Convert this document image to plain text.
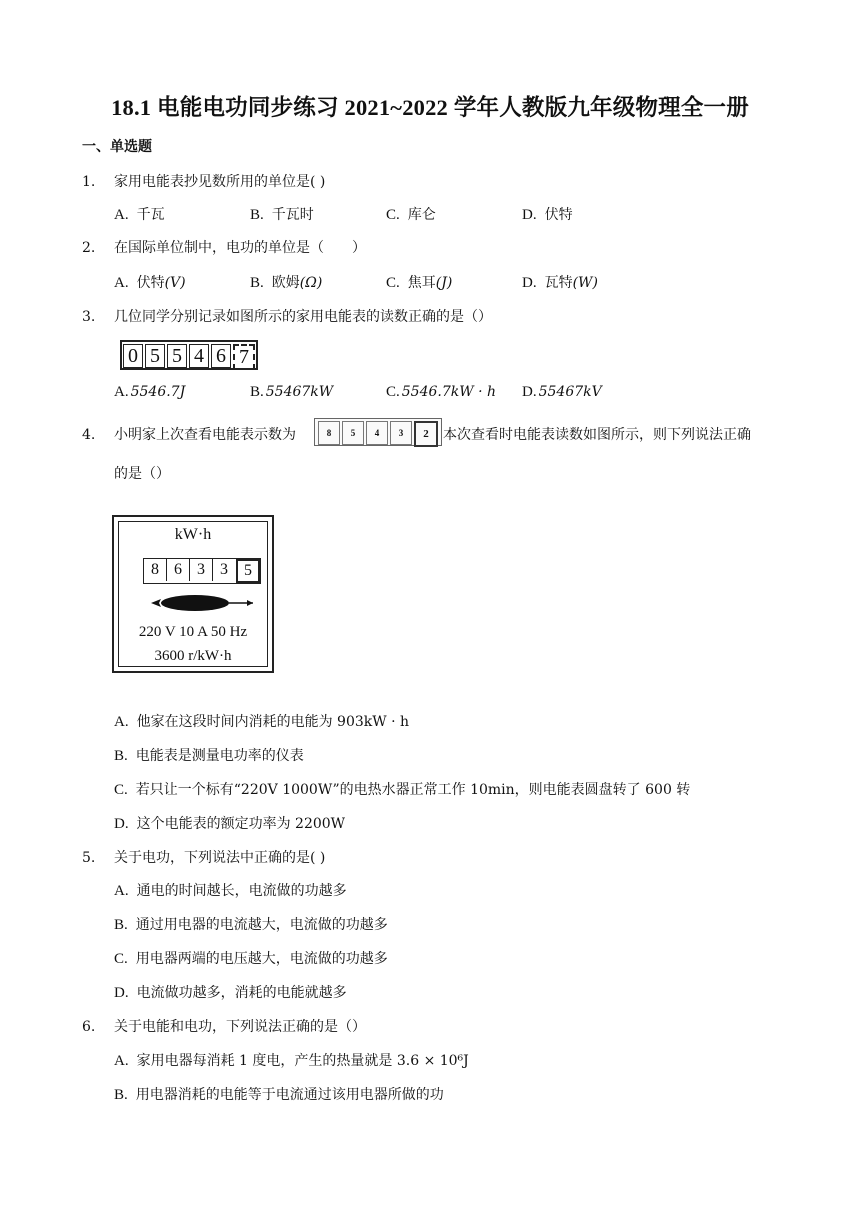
18.1 电能电功同步练习 2021~2022 学年人教版九年级物理全一册
一、单选题
1. 家用电能表抄见数所用的单位是( )
A. 千瓦	B. 千瓦时	C. 库仑	D. 伏特
2. 在国际单位制中，电功的单位是（　　）
A. 伏特(V)	B. 欧姆(Ω)	C. 焦耳(J)	D. 瓦特(W)
3. 几位同学分别记录如图所示的家用电能表的读数正确的是（）
0 5 5 4 6 7
A. 5546.7J	B. 55467kW	C. 5546.7kW · h D. 55467kV
4. 小明家上次查看电能表示数为	8	5	4	3	2	本次查看时电能表读数如图所示，则下列说法正确
的是（）
kW·h
8 6 3 3	5
220 V 10 A 50 Hz
3600 r/kW·h
A. 他家在这段时间内消耗的电能为 903kW · h
B. 电能表是测量电功率的仪表
C. 若只让一个标有“220V 1000W”的电热水器正常工作 10min，则电能表圆盘转了 600 转
D. 这个电能表的额定功率为 2200W
5. 关于电功，下列说法中正确的是( )
A. 通电的时间越长，电流做的功越多
B. 通过用电器的电流越大，电流做的功越多
C. 用电器两端的电压越大，电流做的功越多
D. 电流做功越多，消耗的电能就越多
6. 关于电能和电功，下列说法正确的是（）
A. 家用电器每消耗 1 度电，产生的热量就是 3.6 × 10⁶J
B. 用电器消耗的电能等于电流通过该用电器所做的功
